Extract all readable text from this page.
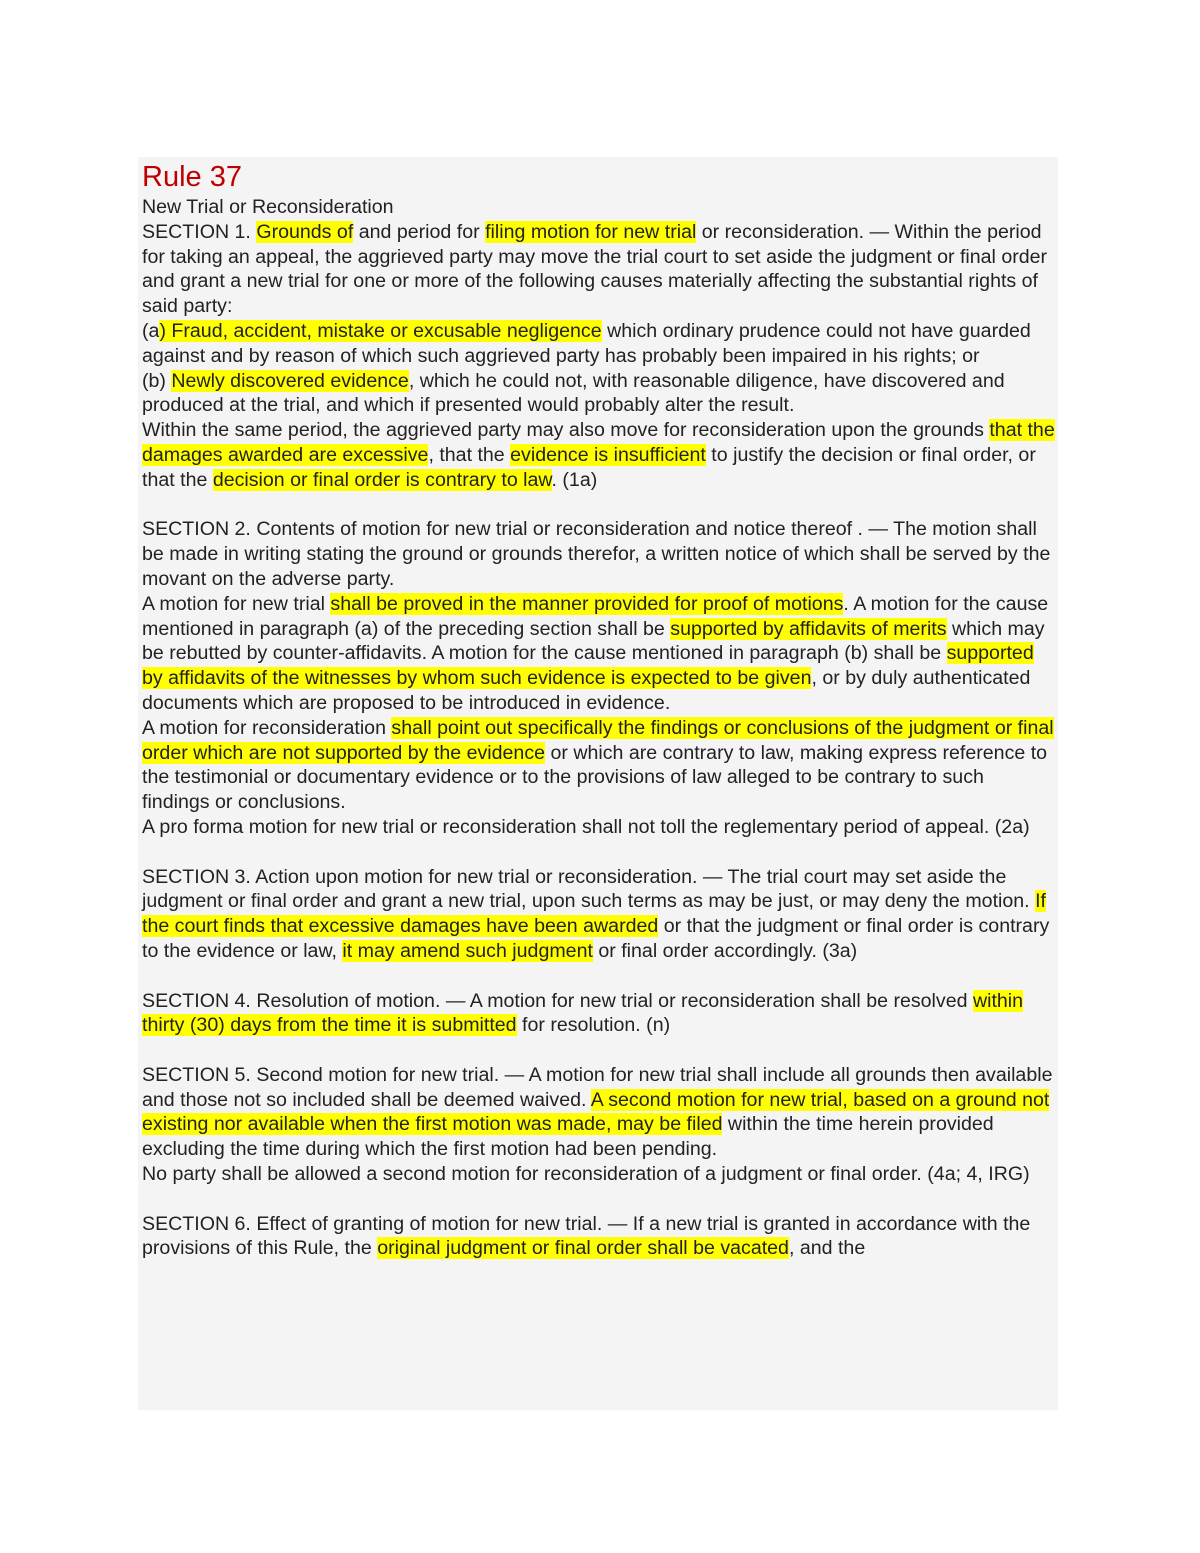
Rule 37

New Trial or Reconsideration

SECTION 1. Grounds of and period for filing motion for new trial or reconsideration. — Within the period for taking an appeal, the aggrieved party may move the trial court to set aside the judgment or final order and grant a new trial for one or more of the following causes materially affecting the substantial rights of said party:

(a) Fraud, accident, mistake or excusable negligence which ordinary prudence could not have guarded against and by reason of which such aggrieved party has probably been impaired in his rights; or

(b) Newly discovered evidence, which he could not, with reasonable diligence, have discovered and produced at the trial, and which if presented would probably alter the result.

Within the same period, the aggrieved party may also move for reconsideration upon the grounds that the damages awarded are excessive, that the evidence is insufficient to justify the decision or final order, or that the decision or final order is contrary to law. (1a)

SECTION 2. Contents of motion for new trial or reconsideration and notice thereof . — The motion shall be made in writing stating the ground or grounds therefor, a written notice of which shall be served by the movant on the adverse party.

A motion for new trial shall be proved in the manner provided for proof of motions. A motion for the cause mentioned in paragraph (a) of the preceding section shall be supported by affidavits of merits which may be rebutted by counter-affidavits. A motion for the cause mentioned in paragraph (b) shall be supported by affidavits of the witnesses by whom such evidence is expected to be given, or by duly authenticated documents which are proposed to be introduced in evidence.

A motion for reconsideration shall point out specifically the findings or conclusions of the judgment or final order which are not supported by the evidence or which are contrary to law, making express reference to the testimonial or documentary evidence or to the provisions of law alleged to be contrary to such findings or conclusions.

A pro forma motion for new trial or reconsideration shall not toll the reglementary period of appeal. (2a)

SECTION 3. Action upon motion for new trial or reconsideration. — The trial court may set aside the judgment or final order and grant a new trial, upon such terms as may be just, or may deny the motion. If the court finds that excessive damages have been awarded or that the judgment or final order is contrary to the evidence or law, it may amend such judgment or final order accordingly. (3a)

SECTION 4. Resolution of motion. — A motion for new trial or reconsideration shall be resolved within thirty (30) days from the time it is submitted for resolution. (n)

SECTION 5. Second motion for new trial. — A motion for new trial shall include all grounds then available and those not so included shall be deemed waived. A second motion for new trial, based on a ground not existing nor available when the first motion was made, may be filed within the time herein provided excluding the time during which the first motion had been pending.

No party shall be allowed a second motion for reconsideration of a judgment or final order. (4a; 4, IRG)

SECTION 6. Effect of granting of motion for new trial. — If a new trial is granted in accordance with the provisions of this Rule, the original judgment or final order shall be vacated, and the
